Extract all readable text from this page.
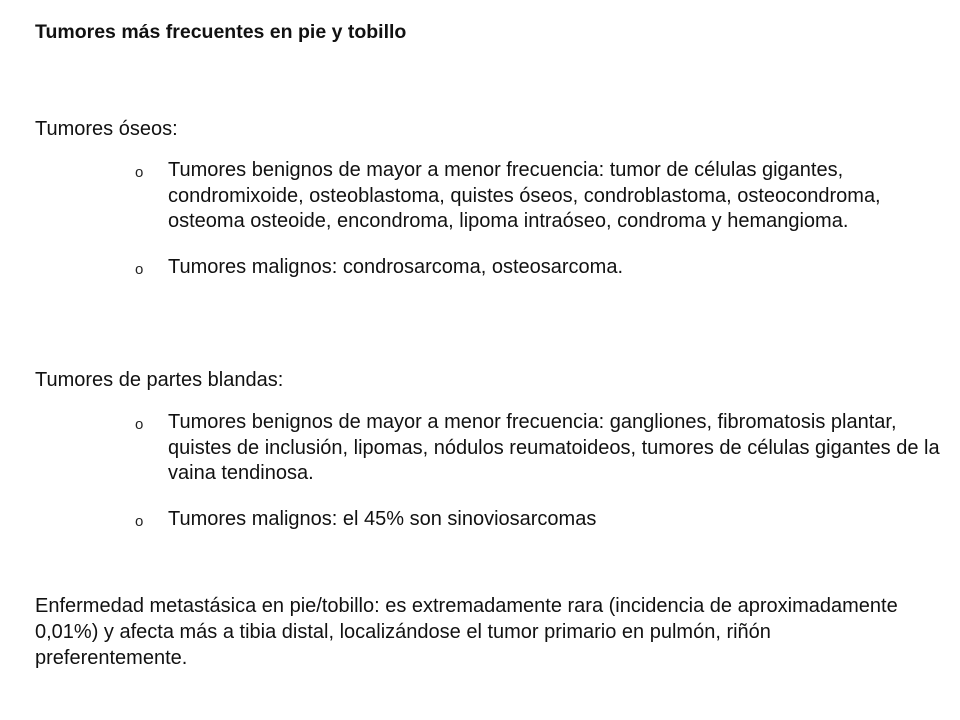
Tumores más frecuentes en pie y tobillo
Tumores óseos:
o Tumores benignos de mayor a menor frecuencia: tumor de células gigantes, condromixoide, osteoblastoma, quistes óseos, condroblastoma, osteocondroma, osteoma osteoide, encondroma, lipoma intraóseo, condroma y hemangioma.
o Tumores malignos: condrosarcoma, osteosarcoma.
Tumores de partes blandas:
o Tumores benignos de mayor a menor frecuencia: gangliones, fibromatosis plantar, quistes de inclusión, lipomas, nódulos reumatoideos, tumores de células gigantes de la vaina tendinosa.
o Tumores malignos: el 45% son sinoviosarcomas
Enfermedad metastásica en pie/tobillo: es extremadamente rara (incidencia de aproximadamente 0,01%) y afecta más a tibia distal, localizándose el tumor primario en pulmón, riñón preferentemente.
